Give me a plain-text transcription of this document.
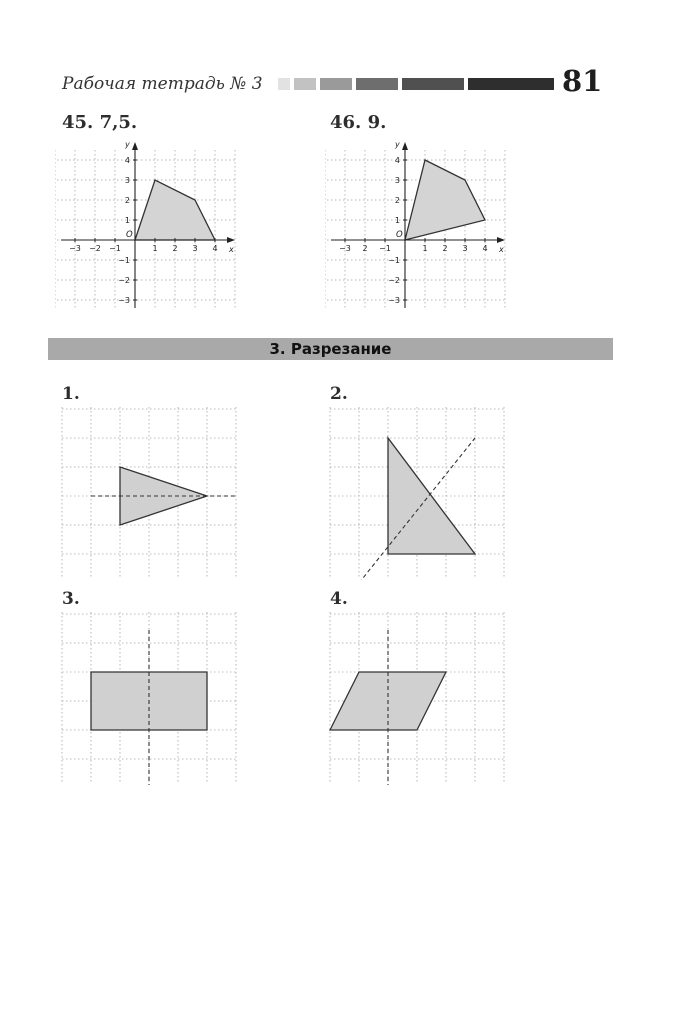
Рабочая тетрадь № 3	81
45. 7,5.
x
y
O
−3 −2 −1	1 2 3 4
4
3
2
1
−1
−2
−3
46. 9.
x
y
O
−3 2 −1	1 2 3 4
4
3
2
1
−1
−2
−3
3. Разрезание
1.	2.
3.	4.
